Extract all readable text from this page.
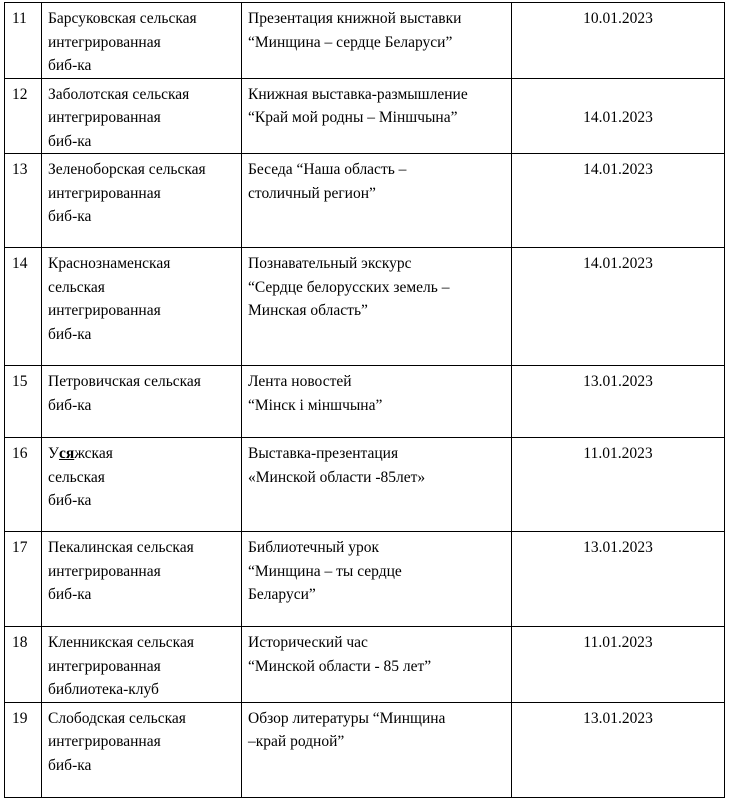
11	Барсуковская сельская
интегрированная
биб-ка	Презентация книжной выставки
“Минщина – сердце Беларуси”	10.01.2023
12	Заболотская сельская
интегрированная
биб-ка	Книжная выставка-размышление
“Край мой родны – Міншчына”	14.01.2023
13	Зеленоборская сельская
интегрированная
биб-ка	Беседа “Наша область –
столичный регион”	14.01.2023
14	Краснознаменская
сельская
интегрированная
биб-ка	Познавательный экскурс
“Сердце белорусских земель –
Минская область”	14.01.2023
15	Петровичская сельская
биб-ка	Лента новостей
“Мінск і міншчына”	13.01.2023
16	Усяжская
сельская
биб-ка	Выставка-презентация
«Минской области -85лет»	11.01.2023
17	Пекалинская сельская
интегрированная
биб-ка	Библиотечный урок
“Минщина – ты сердце
Беларуси”	13.01.2023
18	Кленникская сельская
интегрированная
библиотека-клуб	Исторический час
“Минской области - 85 лет”	11.01.2023
19	Слободская сельская
интегрированная
биб-ка	Обзор литературы “Минщина
–край родной”	13.01.2023
